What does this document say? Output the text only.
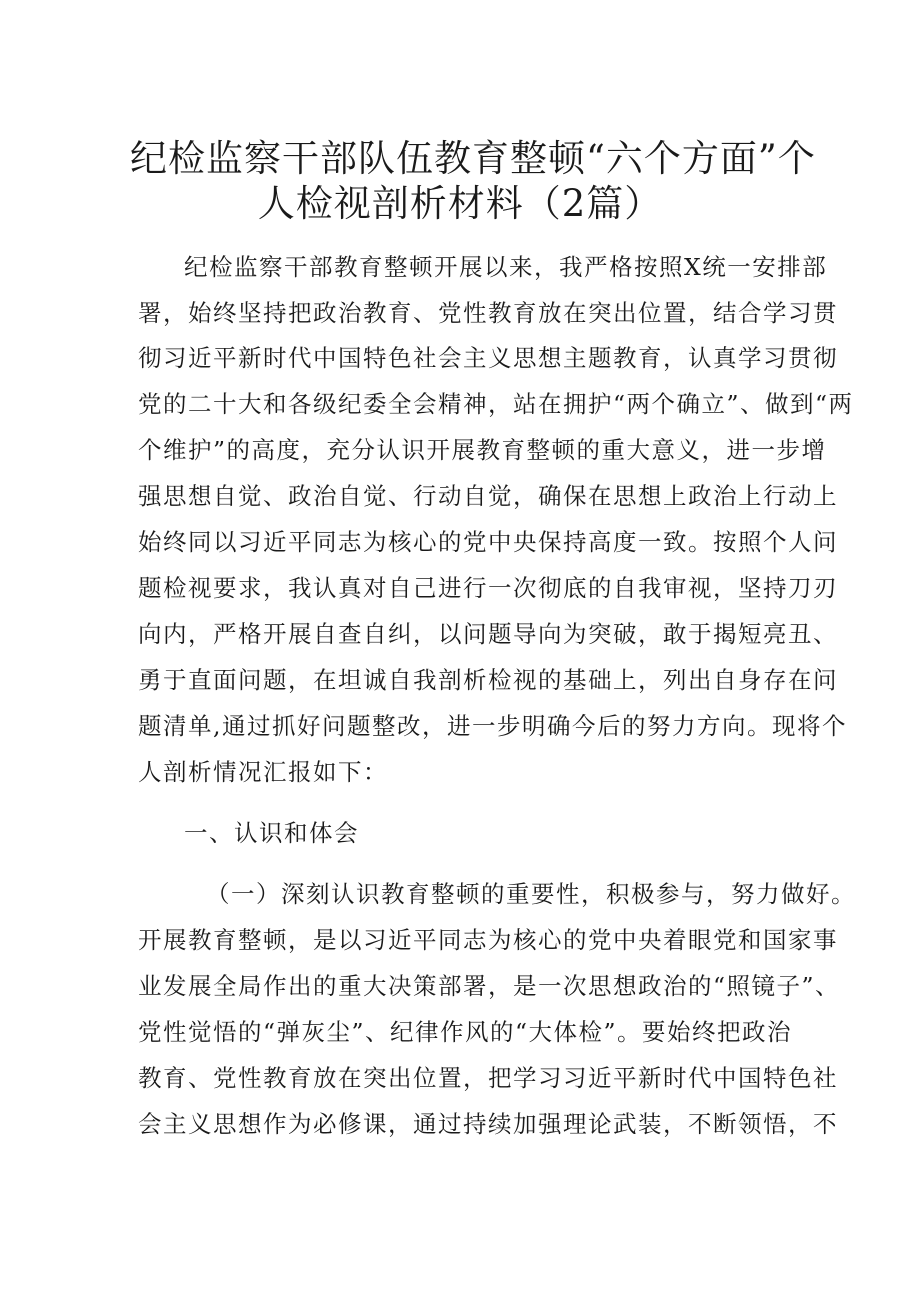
纪检监察干部队伍教育整顿“六个方面”个
人检视剖析材料（2篇）

纪检监察干部教育整顿开展以来，我严格按照X统一安排部

署，始终坚持把政治教育、党性教育放在突出位置，结合学习贯

彻习近平新时代中国特色社会主义思想主题教育，认真学习贯彻

党的二十大和各级纪委全会精神，站在拥护“两个确立”、做到“两

个维护”的高度，充分认识开展教育整顿的重大意义，进一步增

强思想自觉、政治自觉、行动自觉，确保在思想上政治上行动上

始终同以习近平同志为核心的党中央保持高度一致。按照个人问

题检视要求，我认真对自己进行一次彻底的自我审视，坚持刀刃

向内，严格开展自查自纠，以问题导向为突破，敢于揭短亮丑、

勇于直面问题，在坦诚自我剖析检视的基础上，列出自身存在问

题清单,通过抓好问题整改，进一步明确今后的努力方向。现将个

人剖析情况汇报如下：

一、认识和体会

（一）深刻认识教育整顿的重要性，积极参与，努力做好。

开展教育整顿，是以习近平同志为核心的党中央着眼党和国家事

业发展全局作出的重大决策部署，是一次思想政治的“照镜子”、

党性觉悟的“弹灰尘”、纪律作风的“大体检”。要始终把政治

教育、党性教育放在突出位置，把学习习近平新时代中国特色社

会主义思想作为必修课，通过持续加强理论武装，不断领悟，不
